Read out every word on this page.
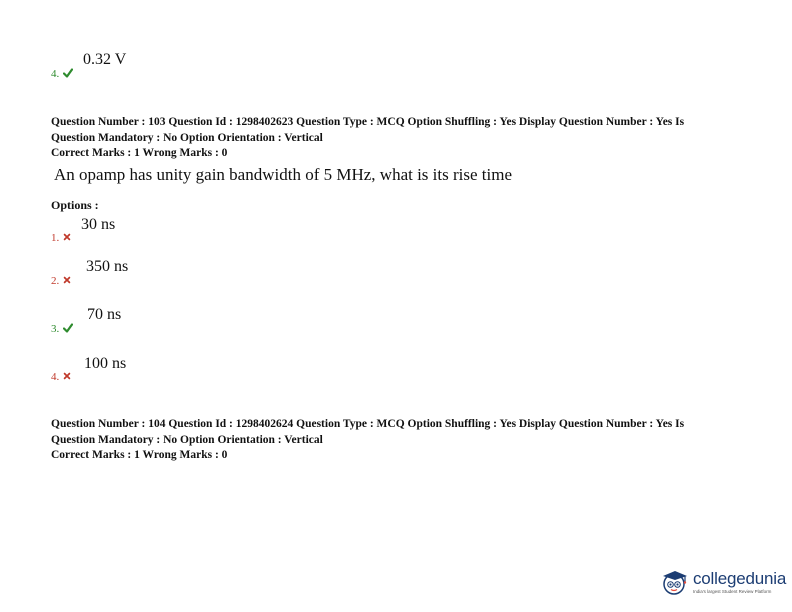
4.
0.32 V
Question Number : 103 Question Id : 1298402623 Question Type : MCQ Option Shuffling : Yes Display Question Number : Yes Is
Question Mandatory : No Option Orientation : Vertical
Correct Marks : 1 Wrong Marks : 0
An opamp has unity gain bandwidth of 5 MHz, what is its rise time
Options :
1.
30 ns
2.
350 ns
3.
70 ns
4.
100 ns
Question Number : 104 Question Id : 1298402624 Question Type : MCQ Option Shuffling : Yes Display Question Number : Yes Is
Question Mandatory : No Option Orientation : Vertical
Correct Marks : 1 Wrong Marks : 0
collegedunia
India's largest Student Review Platform
